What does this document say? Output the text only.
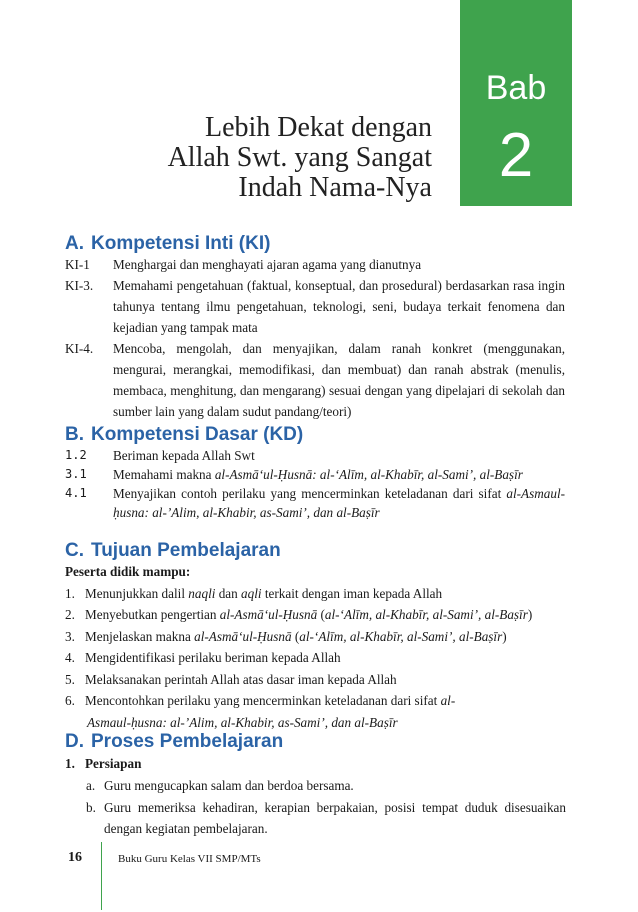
Bab
2
Lebih Dekat dengan
Allah Swt. yang Sangat
Indah Nama-Nya
A. Kompetensi Inti (KI)
KI-1 Menghargai dan menghayati ajaran agama yang dianutnya
KI-3. Memahami pengetahuan (faktual, konseptual, dan prosedural) berdasarkan rasa ingin tahunya tentang ilmu pengetahuan, teknologi, seni, budaya terkait fenomena dan kejadian yang tampak mata
KI-4. Mencoba, mengolah, dan menyajikan, dalam ranah konkret (menggunakan, mengurai, merangkai, memodifikasi, dan membuat) dan ranah abstrak (menulis, membaca, menghitung, dan mengarang) sesuai dengan yang dipelajari di sekolah dan sumber lain yang dalam sudut pandang/teori)
B. Kompetensi Dasar (KD)
1.2 Beriman kepada Allah Swt
3.1 Memahami makna al-Asmā‘ul-Ḥusnā: al-‘Alīm, al-Khabīr, al-Sami’, al-Baṣīr
4.1 Menyajikan contoh perilaku yang mencerminkan keteladanan dari sifat al-Asmaul-ḥusna: al-’Alim, al-Khabir, as-Sami’, dan al-Baṣīr
C. Tujuan Pembelajaran
Peserta didik mampu:
1. Menunjukkan dalil naqli dan aqli terkait dengan iman kepada Allah
2. Menyebutkan pengertian al-Asmā‘ul-Ḥusnā (al-‘Alīm, al-Khabīr, al-Sami’, al-Baṣīr)
3. Menjelaskan makna al-Asmā‘ul-Ḥusnā (al-‘Alīm, al-Khabīr, al-Sami’, al-Baṣīr)
4. Mengidentifikasi perilaku beriman kepada Allah
5. Melaksanakan perintah Allah atas dasar iman kepada Allah
6. Mencontohkan perilaku yang mencerminkan keteladanan dari sifat al-
Asmaul-ḥusna: al-’Alim, al-Khabir, as-Sami’, dan al-Baṣīr
D. Proses Pembelajaran
1. Persiapan
a. Guru mengucapkan salam dan berdoa bersama.
b. Guru memeriksa kehadiran, kerapian berpakaian, posisi tempat duduk disesuaikan dengan kegiatan pembelajaran.
16	Buku Guru Kelas VII SMP/MTs
